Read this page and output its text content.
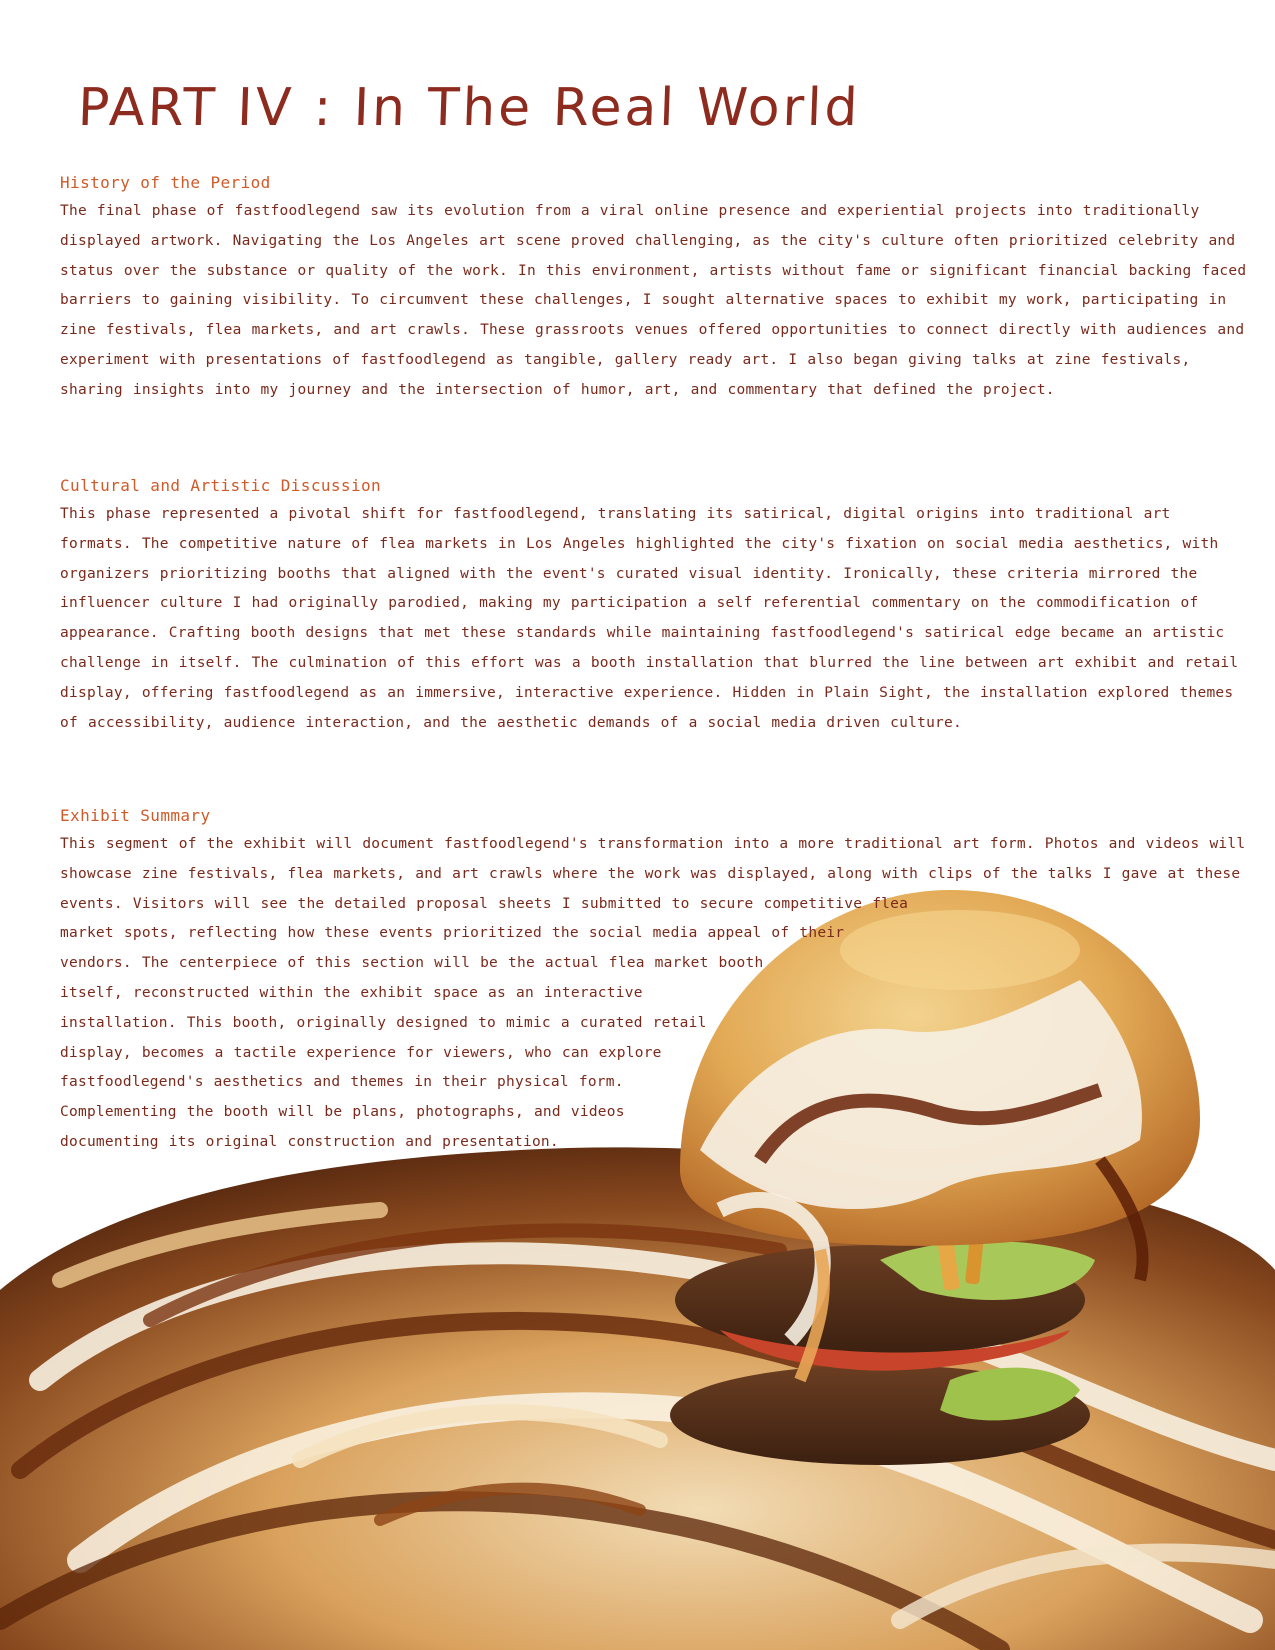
PART IV : In The Real World
History of the Period

The final phase of fastfoodlegend saw its evolution from a viral online presence and experiential projects into traditionally displayed artwork. Navigating the Los Angeles art scene proved challenging, as the city's culture often prioritized celebrity and status over the substance or quality of the work. In this environment, artists without fame or significant financial backing faced barriers to gaining visibility. To circumvent these challenges, I sought alternative spaces to exhibit my work, participating in zine festivals, flea markets, and art crawls. These grassroots venues offered opportunities to connect directly with audiences and experiment with presentations of fastfoodlegend as tangible, gallery ready art. I also began giving talks at zine festivals, sharing insights into my journey and the intersection of humor, art, and commentary that defined the project.

Cultural and Artistic Discussion

This phase represented a pivotal shift for fastfoodlegend, translating its satirical, digital origins into traditional art formats. The competitive nature of flea markets in Los Angeles highlighted the city's fixation on social media aesthetics, with organizers prioritizing booths that aligned with the event's curated visual identity. Ironically, these criteria mirrored the influencer culture I had originally parodied, making my participation a self referential commentary on the commodification of appearance. Crafting booth designs that met these standards while maintaining fastfoodlegend's satirical edge became an artistic challenge in itself. The culmination of this effort was a booth installation that blurred the line between art exhibit and retail display, offering fastfoodlegend as an immersive, interactive experience. Hidden in Plain Sight, the installation explored themes of accessibility, audience interaction, and the aesthetic demands of a social media driven culture.

Exhibit Summary

This segment of the exhibit will document fastfoodlegend's transformation into a more traditional art form. Photos and videos will showcase zine festivals, flea markets, and art crawls where the work was displayed, along with clips of the talks I gave at these events. Visitors will see the detailed proposal sheets I submitted to secure competitive flea
market spots, reflecting how these events prioritized the social media appeal of their
vendors. The centerpiece of this section will be the actual flea market booth
itself, reconstructed within the exhibit space as an interactive
installation. This booth, originally designed to mimic a curated retail
display, becomes a tactile experience for viewers, who can explore
fastfoodlegend's aesthetics and themes in their physical form.
Complementing the booth will be plans, photographs, and videos
documenting its original construction and presentation.
